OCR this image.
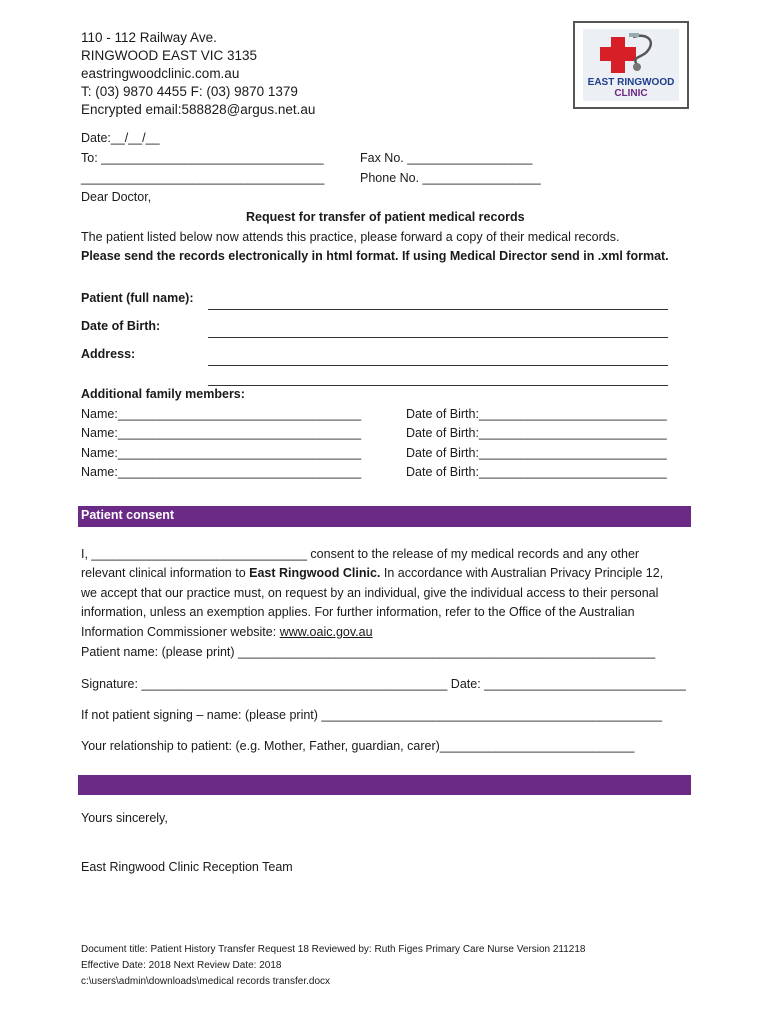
110 - 112 Railway Ave.
RINGWOOD EAST VIC 3135
eastringwoodclinic.com.au
T: (03) 9870 4455 F: (03) 9870 1379
Encrypted email:588828@argus.net.au
EAST RINGWOOD
CLINIC
Date:__/__/__
To: ________________________________
___________________________________
Fax No. __________________
Phone No. _________________
Dear Doctor,
Request for transfer of patient medical records
The patient listed below now attends this practice, please forward a copy of their medical records.
Please send the records electronically in html format. If using Medical Director send in .xml format.
Patient (full name):
Date of Birth:
Address:
Additional family members:
Name:___________________________________	Date of Birth:___________________________
Name:___________________________________	Date of Birth:___________________________
Name:___________________________________	Date of Birth:___________________________
Name:___________________________________	Date of Birth:___________________________
Patient consent
I, _______________________________ consent to the release of my medical records and any other
relevant clinical information to East Ringwood Clinic. In accordance with Australian Privacy Principle 12,
we accept that our practice must, on request by an individual, give the individual access to their personal
information, unless an exemption applies. For further information, refer to the Office of the Australian
Information Commissioner website: www.oaic.gov.au
Patient name: (please print) ____________________________________________________________
Signature: ____________________________________________ Date: _____________________________
If not patient signing – name: (please print) _________________________________________________
Your relationship to patient: (e.g. Mother, Father, guardian, carer)____________________________
Yours sincerely,
East Ringwood Clinic Reception Team
Document title: Patient History Transfer Request 18 Reviewed by: Ruth Figes Primary Care Nurse Version 211218
Effective Date: 2018 Next Review Date: 2018
c:\users\admin\downloads\medical records transfer.docx
